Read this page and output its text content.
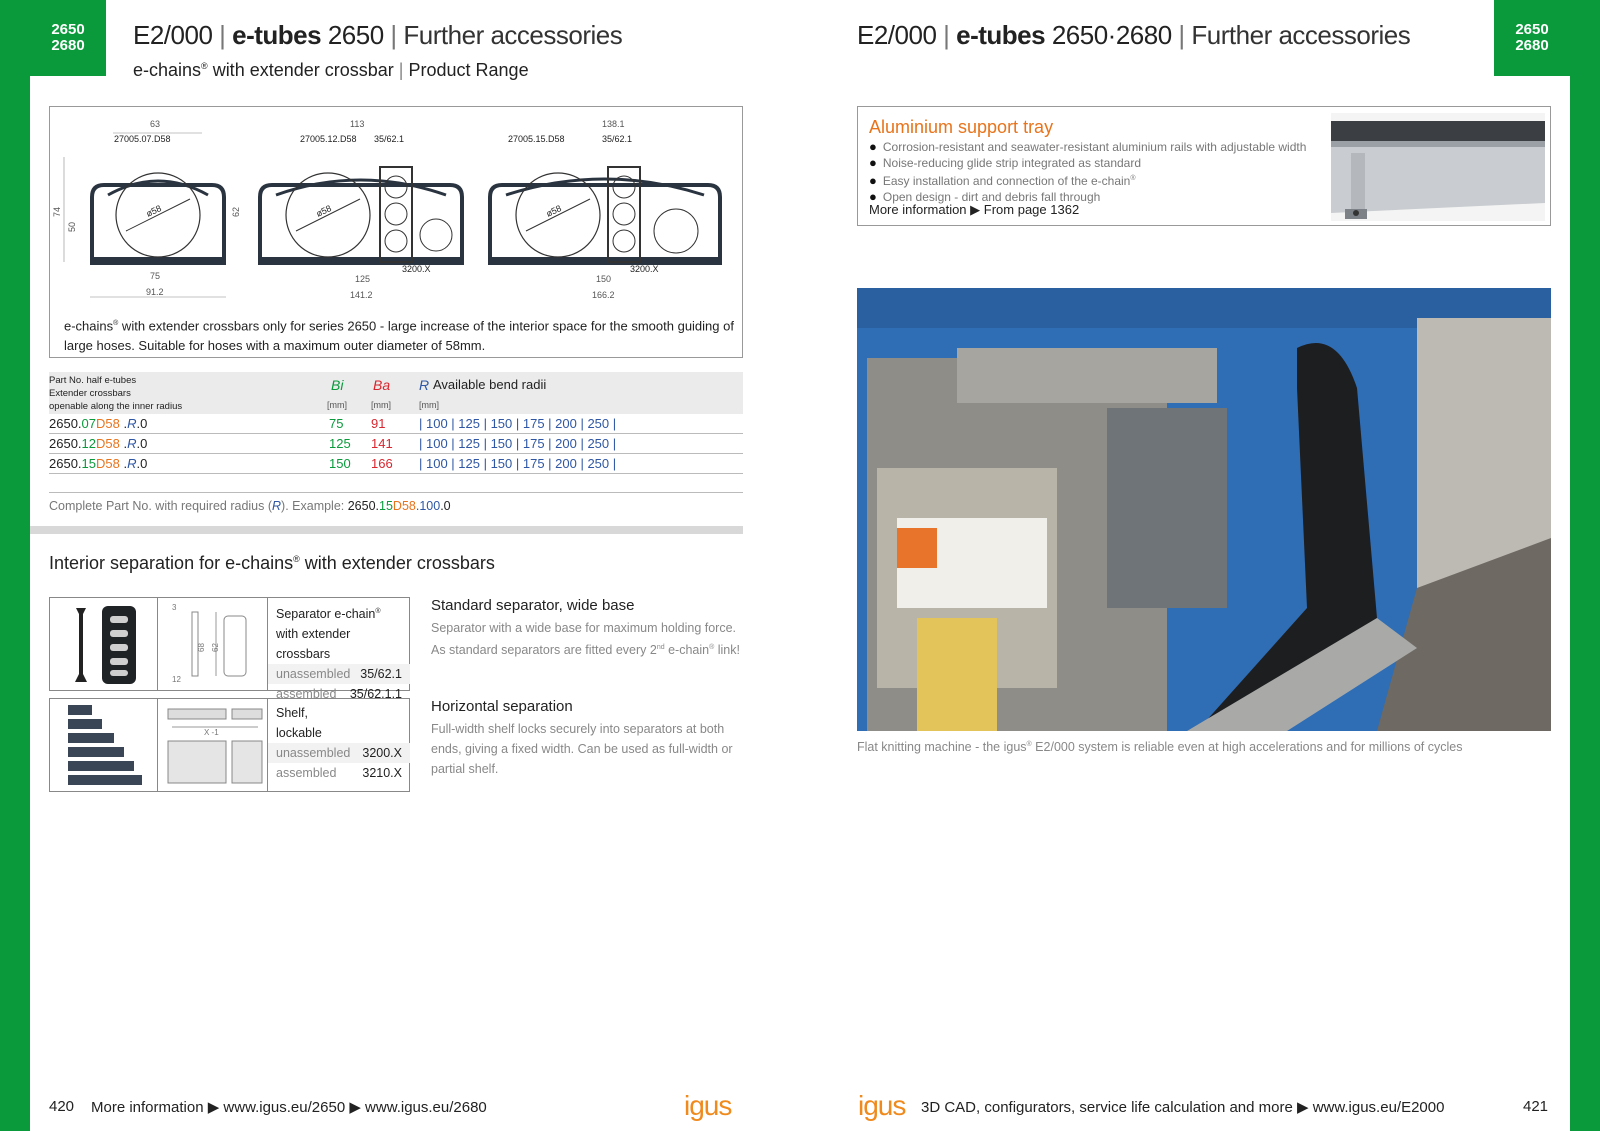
2650
2680
2650
2680
E2/000 | e-tubes 2650 | Further accessories
e-chains® with extender crossbar | Product Range
E2/000 | e-tubes 2650·2680 | Further accessories
63
27005.07.D58
ø58
74
50
62
75
91.2
113
27005.12.D58 35/62.1
ø58
3200.X
125
141.2
138.1
27005.15.D58	35/62.1
ø58
3200.X
150
166.2
e-chains® with extender crossbars only for series 2650 - large increase of the interior space for the smooth guiding of large hoses. Suitable for hoses with a maximum outer diameter of 58mm.
Part No. half e-tubes
Extender crossbars
openable along the inner radius
Bi Ba R Available bend radii
[mm]	[mm]	[mm]
2650.07D58 .R.0	75 91	| 100 | 125 | 150 | 175 | 200 | 250 |
2650.12D58 .R.0	125 141 | 100 | 125 | 150 | 175 | 200 | 250 |
2650.15D58 .R.0	150 166 | 100 | 125 | 150 | 175 | 200 | 250 |
Complete Part No. with required radius (R). Example: 2650.15D58.100.0
Interior separation for e-chains® with extender crossbars
3
68 62
12
Separator e-chain® with extender crossbars
unassembled 35/62.1
assembled 35/62.1.1
Standard separator, wide base
Separator with a wide base for maximum holding force. As standard separators are fitted every 2nd e-chain® link!
X -1
Shelf, lockable
unassembled 3200.X
assembled 3210.X
Horizontal separation
Full-width shelf locks securely into separators at both ends, giving a fixed width. Can be used as full-width or partial shelf.
Aluminium support tray
● Corrosion-resistant and seawater-resistant aluminium rails with adjustable width
● Noise-reducing glide strip integrated as standard
● Easy installation and connection of the e-chain®
● Open design - dirt and debris fall through
More information ▶ From page 1362
Flat knitting machine - the igus® E2/000 system is reliable even at high accelerations and for millions of cycles
420 More information ▶ www.igus.eu/2650 ▶ www.igus.eu/2680	igus	igus 3D CAD, configurators, service life calculation and more ▶ www.igus.eu/E2000	421
